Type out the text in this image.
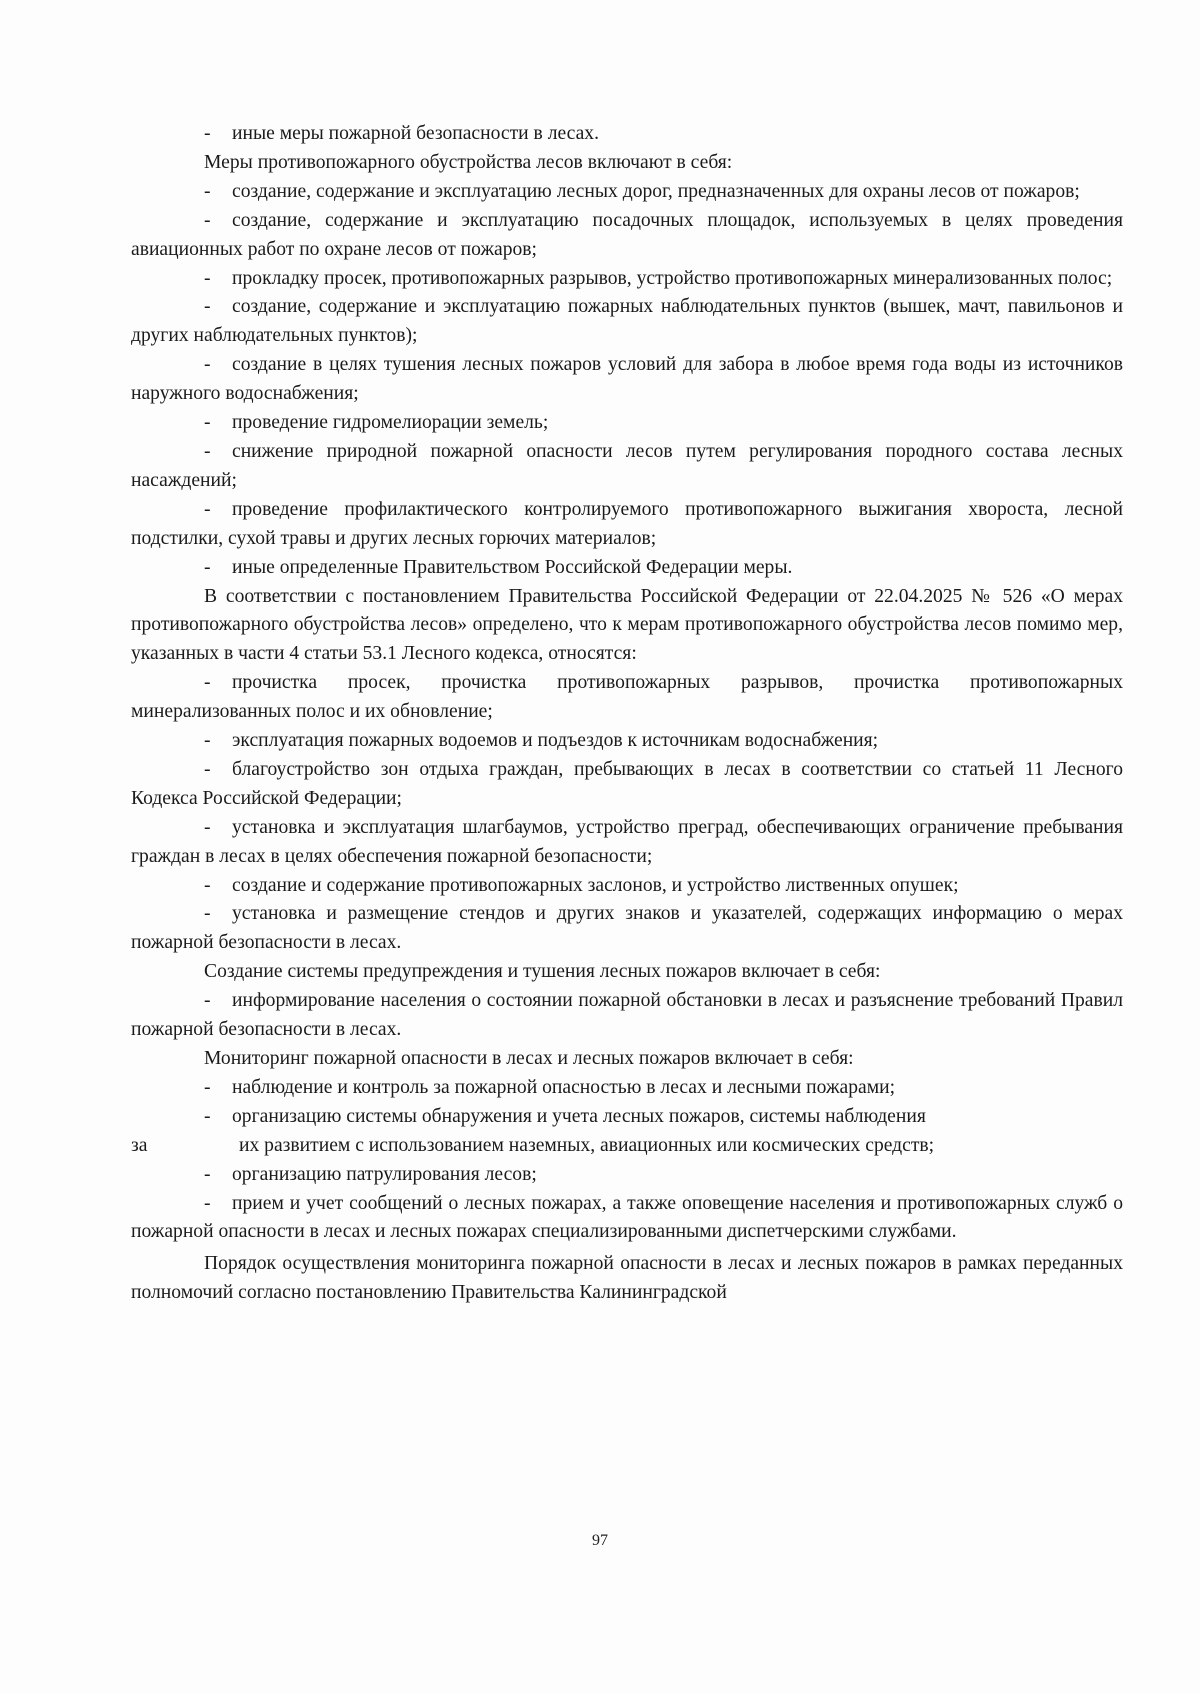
- иные меры пожарной безопасности в лесах.

Меры противопожарного обустройства лесов включают в себя:

- создание, содержание и эксплуатацию лесных дорог, предназначенных для охраны лесов от пожаров;

- создание, содержание и эксплуатацию посадочных площадок, используемых в целях проведения авиационных работ по охране лесов от пожаров;

- прокладку просек, противопожарных разрывов, устройство противопожарных минерализованных полос;

- создание, содержание и эксплуатацию пожарных наблюдательных пунктов (вышек, мачт, павильонов и других наблюдательных пунктов);

- создание в целях тушения лесных пожаров условий для забора в любое время года воды из источников наружного водоснабжения;

- проведение гидромелиорации земель;

- снижение природной пожарной опасности лесов путем регулирования породного состава лесных насаждений;

- проведение профилактического контролируемого противопожарного выжигания хвороста, лесной подстилки, сухой травы и других лесных горючих материалов;

- иные определенные Правительством Российской Федерации меры.

В соответствии с постановлением Правительства Российской Федерации от 22.04.2025 № 526 «О мерах противопожарного обустройства лесов» определено, что к мерам противопожарного обустройства лесов помимо мер, указанных в части 4 статьи 53.1 Лесного кодекса, относятся:

- прочистка просек, прочистка противопожарных разрывов, прочистка противопожарных минерализованных полос и их обновление;

- эксплуатация пожарных водоемов и подъездов к источникам водоснабжения;

- благоустройство зон отдыха граждан, пребывающих в лесах в соответствии со статьей 11 Лесного Кодекса Российской Федерации;

- установка и эксплуатация шлагбаумов, устройство преград, обеспечивающих ограничение пребывания граждан в лесах в целях обеспечения пожарной безопасности;

- создание и содержание противопожарных заслонов, и устройство лиственных опушек;

- установка и размещение стендов и других знаков и указателей, содержащих информацию о мерах пожарной безопасности в лесах.

Создание системы предупреждения и тушения лесных пожаров включает в себя:

- информирование населения о состоянии пожарной обстановки в лесах и разъяснение требований Правил пожарной безопасности в лесах.

Мониторинг пожарной опасности в лесах и лесных пожаров включает в себя:

- наблюдение и контроль за пожарной опасностью в лесах и лесными пожарами;

- организацию системы обнаружения и учета лесных пожаров, системы наблюдения

за	их развитием с использованием наземных, авиационных или космических средств;

- организацию патрулирования лесов;

- прием и учет сообщений о лесных пожарах, а также оповещение населения и противопожарных служб о пожарной опасности в лесах и лесных пожарах специализированными диспетчерскими службами.

Порядок осуществления мониторинга пожарной опасности в лесах и лесных пожаров в рамках переданных полномочий согласно постановлению Правительства Калининградской

97
